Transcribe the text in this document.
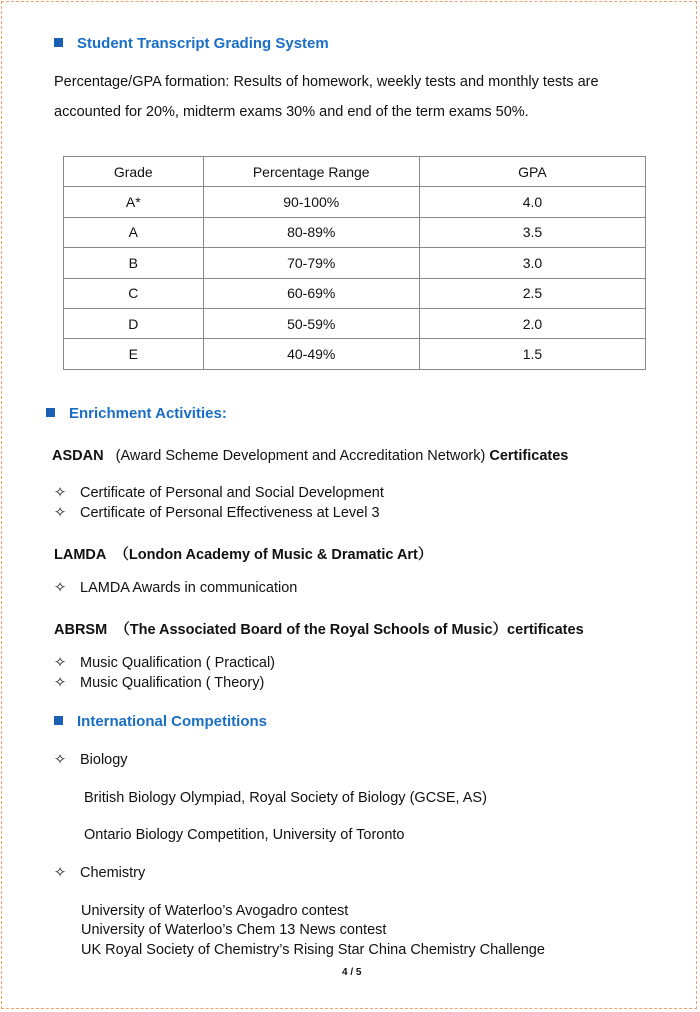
Student Transcript Grading System
Percentage/GPA formation: Results of homework, weekly tests and monthly tests are
accounted for 20%, midterm exams 30% and end of the term exams 50%.
Grade	Percentage Range	GPA
A*	90-100%	4.0
A	80-89%	3.5
B	70-79%	3.0
C	60-69%	2.5
D	50-59%	2.0
E	40-49%	1.5
Enrichment Activities:
ASDAN (Award Scheme Development and Accreditation Network) Certificates
✧ Certificate of Personal and Social Development
✧ Certificate of Personal Effectiveness at Level 3
LAMDA （London Academy of Music & Dramatic Art）
✧ LAMDA Awards in communication
ABRSM （The Associated Board of the Royal Schools of Music）certificates
✧ Music Qualification ( Practical)
✧ Music Qualification ( Theory)
International Competitions
✧ Biology
British Biology Olympiad, Royal Society of Biology (GCSE, AS)
Ontario Biology Competition, University of Toronto
✧ Chemistry
University of Waterloo’s Avogadro contest
University of Waterloo’s Chem 13 News contest
UK Royal Society of Chemistry’s Rising Star China Chemistry Challenge
4 / 5
